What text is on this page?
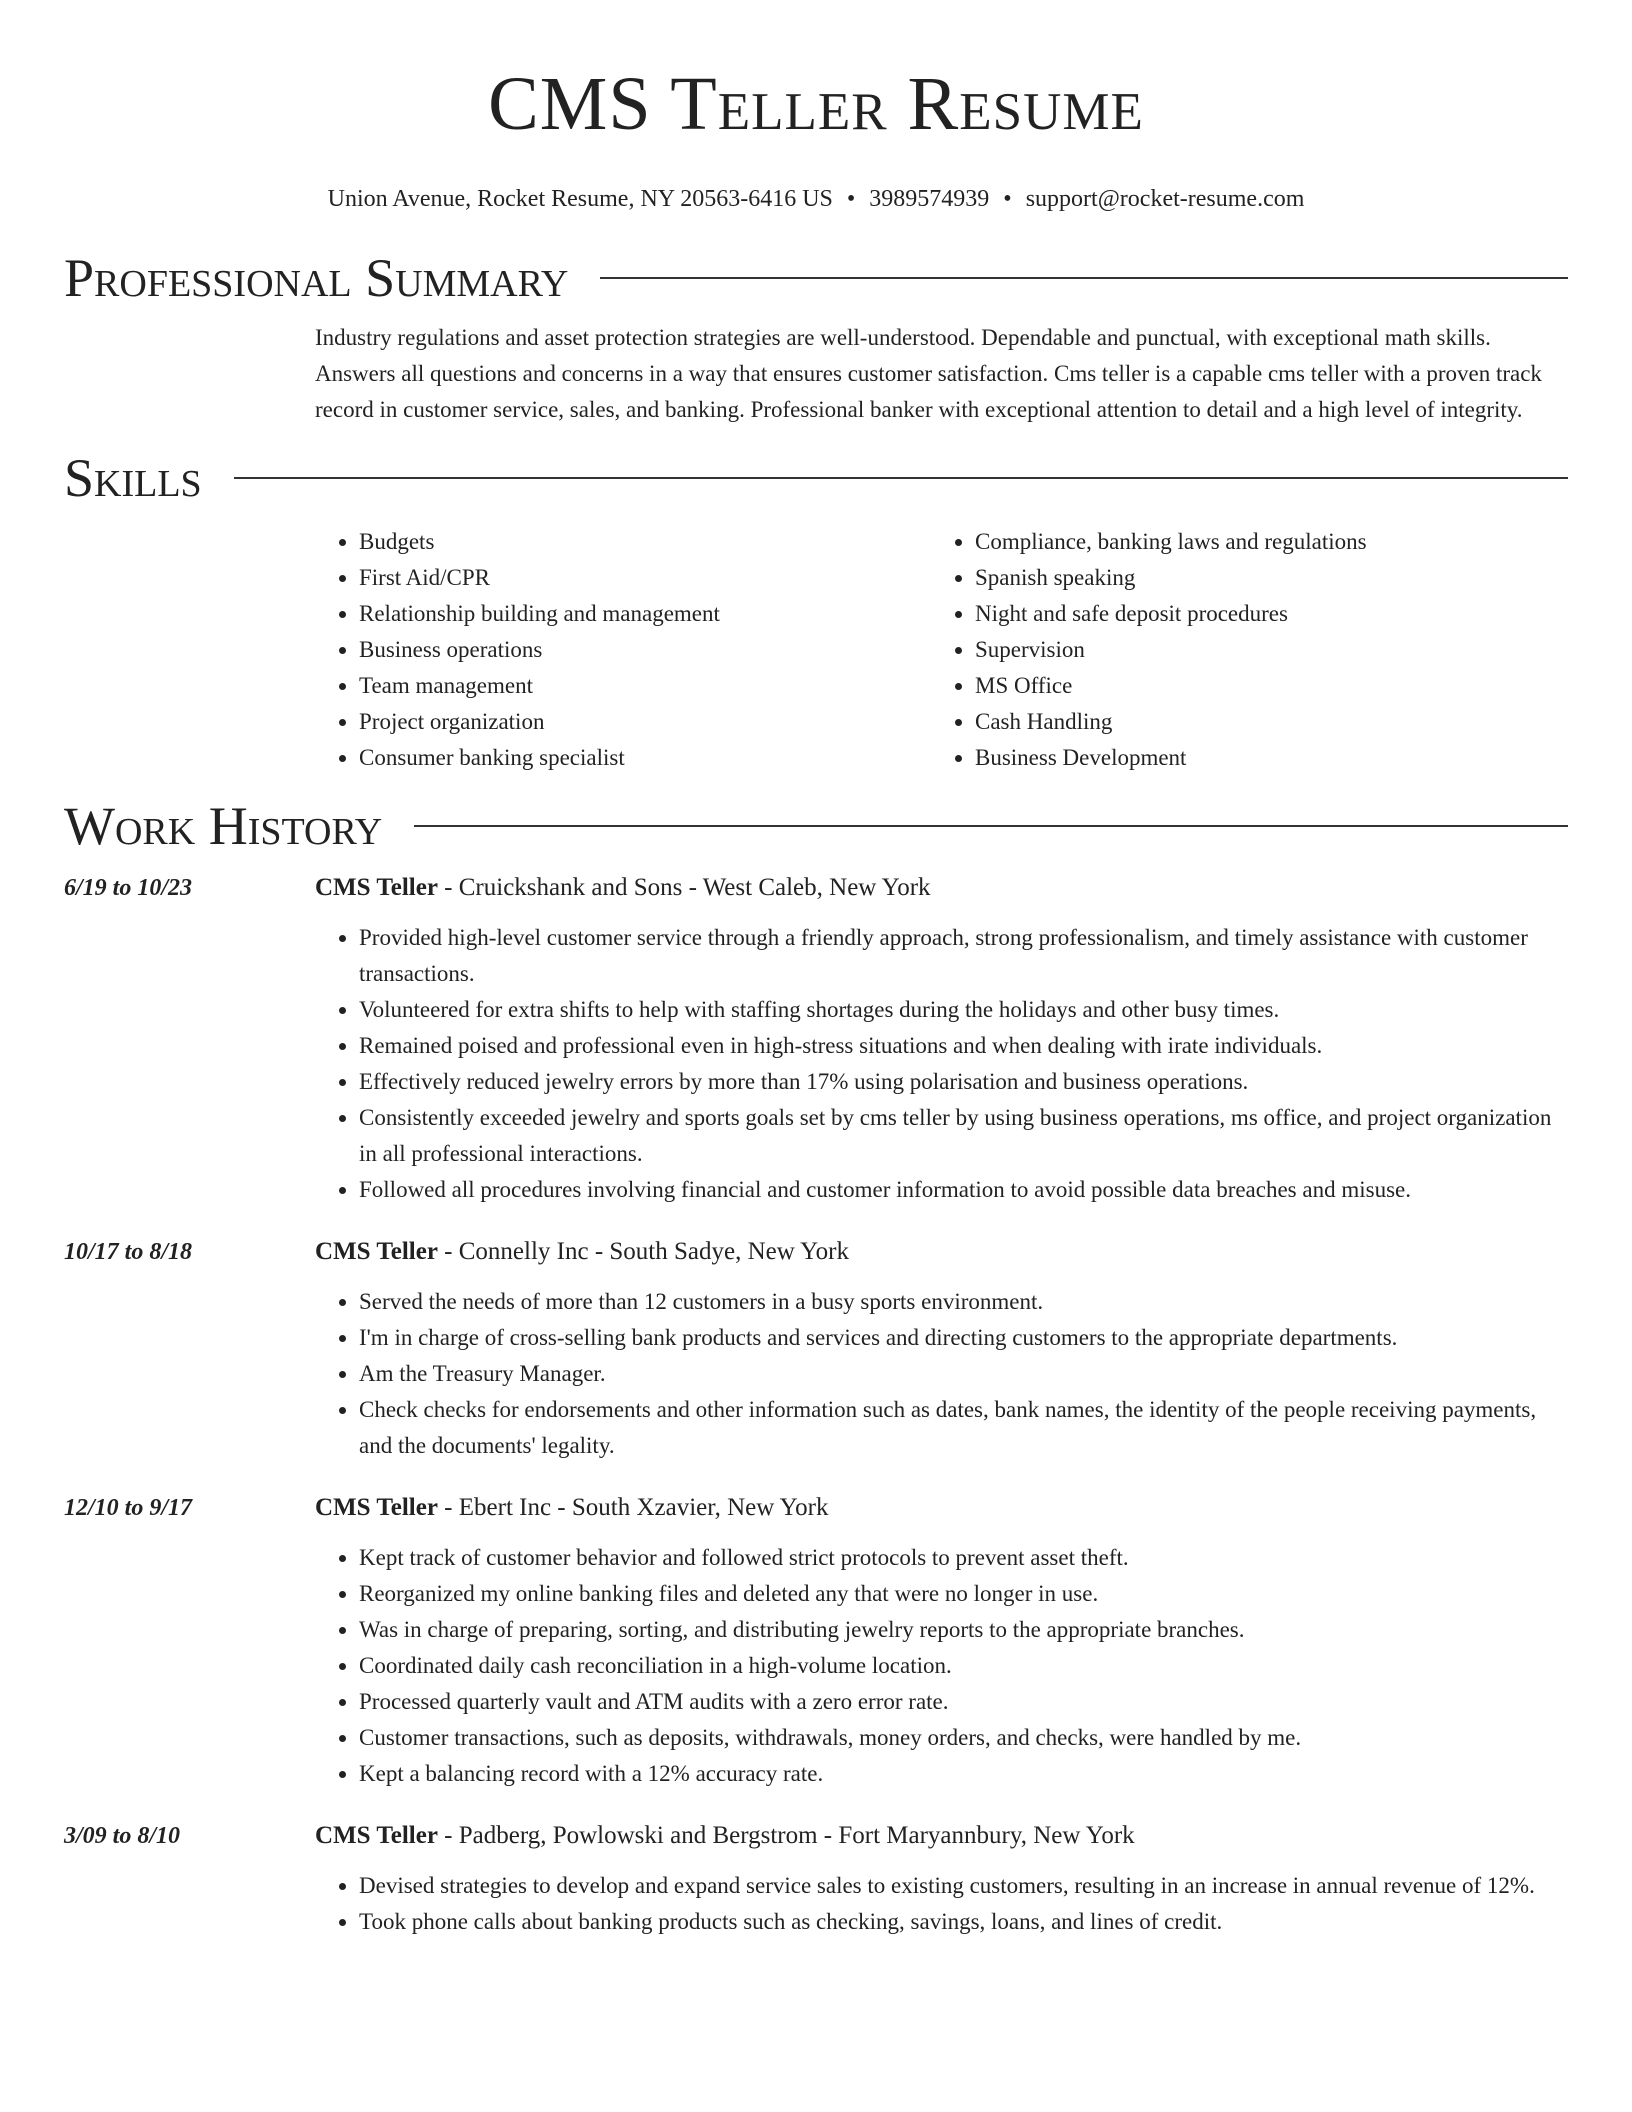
CMS Teller Resume
Union Avenue, Rocket Resume, NY 20563-6416 US • 3989574939 • support@rocket-resume.com
Professional Summary

Industry regulations and asset protection strategies are well-understood. Dependable and punctual, with exceptional math skills. Answers all questions and concerns in a way that ensures customer satisfaction. Cms teller is a capable cms teller with a proven track record in customer service, sales, and banking. Professional banker with exceptional attention to detail and a high level of integrity.

Skills
• Budgets
• First Aid/CPR
• Relationship building and management
• Business operations
• Team management
• Project organization
• Consumer banking specialist
• Compliance, banking laws and regulations
• Spanish speaking
• Night and safe deposit procedures
• Supervision
• MS Office
• Cash Handling
• Business Development
Work History
6/19 to 10/23	CMS Teller - Cruickshank and Sons - West Caleb, New York
• Provided high-level customer service through a friendly approach, strong professionalism, and timely assistance with customer transactions.
• Volunteered for extra shifts to help with staffing shortages during the holidays and other busy times.
• Remained poised and professional even in high-stress situations and when dealing with irate individuals.
• Effectively reduced jewelry errors by more than 17% using polarisation and business operations.
• Consistently exceeded jewelry and sports goals set by cms teller by using business operations, ms office, and project organization in all professional interactions.
• Followed all procedures involving financial and customer information to avoid possible data breaches and misuse.
10/17 to 8/18	CMS Teller - Connelly Inc - South Sadye, New York
• Served the needs of more than 12 customers in a busy sports environment.
• I'm in charge of cross-selling bank products and services and directing customers to the appropriate departments.
• Am the Treasury Manager.
• Check checks for endorsements and other information such as dates, bank names, the identity of the people receiving payments, and the documents' legality.
12/10 to 9/17	CMS Teller - Ebert Inc - South Xzavier, New York
• Kept track of customer behavior and followed strict protocols to prevent asset theft.
• Reorganized my online banking files and deleted any that were no longer in use.
• Was in charge of preparing, sorting, and distributing jewelry reports to the appropriate branches.
• Coordinated daily cash reconciliation in a high-volume location.
• Processed quarterly vault and ATM audits with a zero error rate.
• Customer transactions, such as deposits, withdrawals, money orders, and checks, were handled by me.
• Kept a balancing record with a 12% accuracy rate.
3/09 to 8/10	CMS Teller - Padberg, Powlowski and Bergstrom - Fort Maryannbury, New York
• Devised strategies to develop and expand service sales to existing customers, resulting in an increase in annual revenue of 12%.
• Took phone calls about banking products such as checking, savings, loans, and lines of credit.
